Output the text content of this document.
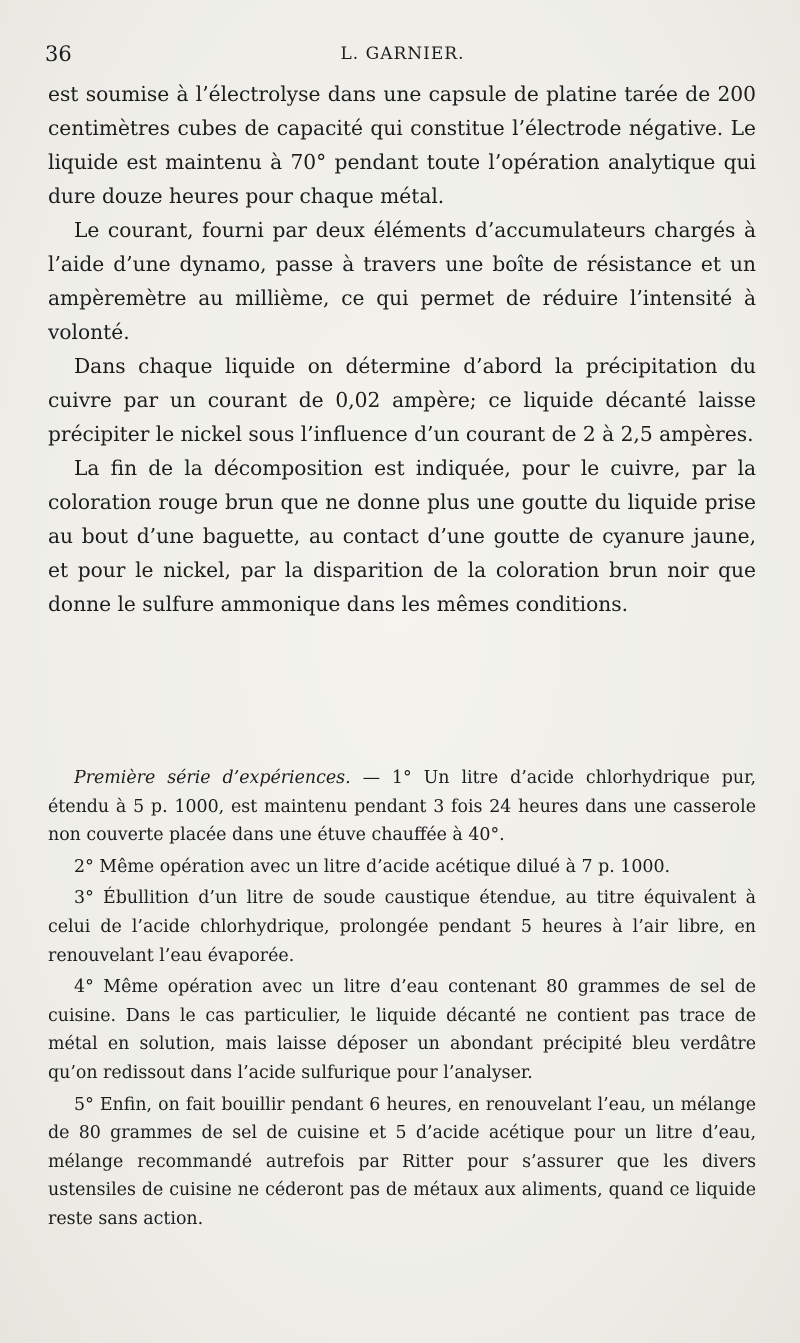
36	L. GARNIER.

est soumise à l’électrolyse dans une capsule de platine tarée de 200 centimètres cubes de capacité qui constitue l’électrode négative. Le liquide est maintenu à 70° pendant toute l’opération analytique qui dure douze heures pour chaque métal.

Le courant, fourni par deux éléments d’accumulateurs chargés à l’aide d’une dynamo, passe à travers une boîte de résistance et un ampèremètre au millième, ce qui permet de réduire l’intensité à volonté.

Dans chaque liquide on détermine d’abord la précipitation du cuivre par un courant de 0,02 ampère; ce liquide décanté laisse précipiter le nickel sous l’influence d’un courant de 2 à 2,5 ampères.

La fin de la décomposition est indiquée, pour le cuivre, par la coloration rouge brun que ne donne plus une goutte du liquide prise au bout d’une baguette, au contact d’une goutte de cyanure jaune, et pour le nickel, par la disparition de la coloration brun noir que donne le sulfure ammonique dans les mêmes conditions.

Première série d’expériences. — 1° Un litre d’acide chlorhydrique pur, étendu à 5 p. 1000, est maintenu pendant 3 fois 24 heures dans une casserole non couverte placée dans une étuve chauffée à 40°.

2° Même opération avec un litre d’acide acétique dilué à 7 p. 1000.

3° Ébullition d’un litre de soude caustique étendue, au titre équivalent à celui de l’acide chlorhydrique, prolongée pendant 5 heures à l’air libre, en renouvelant l’eau évaporée.

4° Même opération avec un litre d’eau contenant 80 grammes de sel de cuisine. Dans le cas particulier, le liquide décanté ne contient pas trace de métal en solution, mais laisse déposer un abondant précipité bleu verdâtre qu’on redissout dans l’acide sulfurique pour l’analyser.

5° Enfin, on fait bouillir pendant 6 heures, en renouvelant l’eau, un mélange de 80 grammes de sel de cuisine et 5 d’acide acétique pour un litre d’eau, mélange recommandé autrefois par Ritter pour s’assurer que les divers ustensiles de cuisine ne céderont pas de métaux aux aliments, quand ce liquide reste sans action.
